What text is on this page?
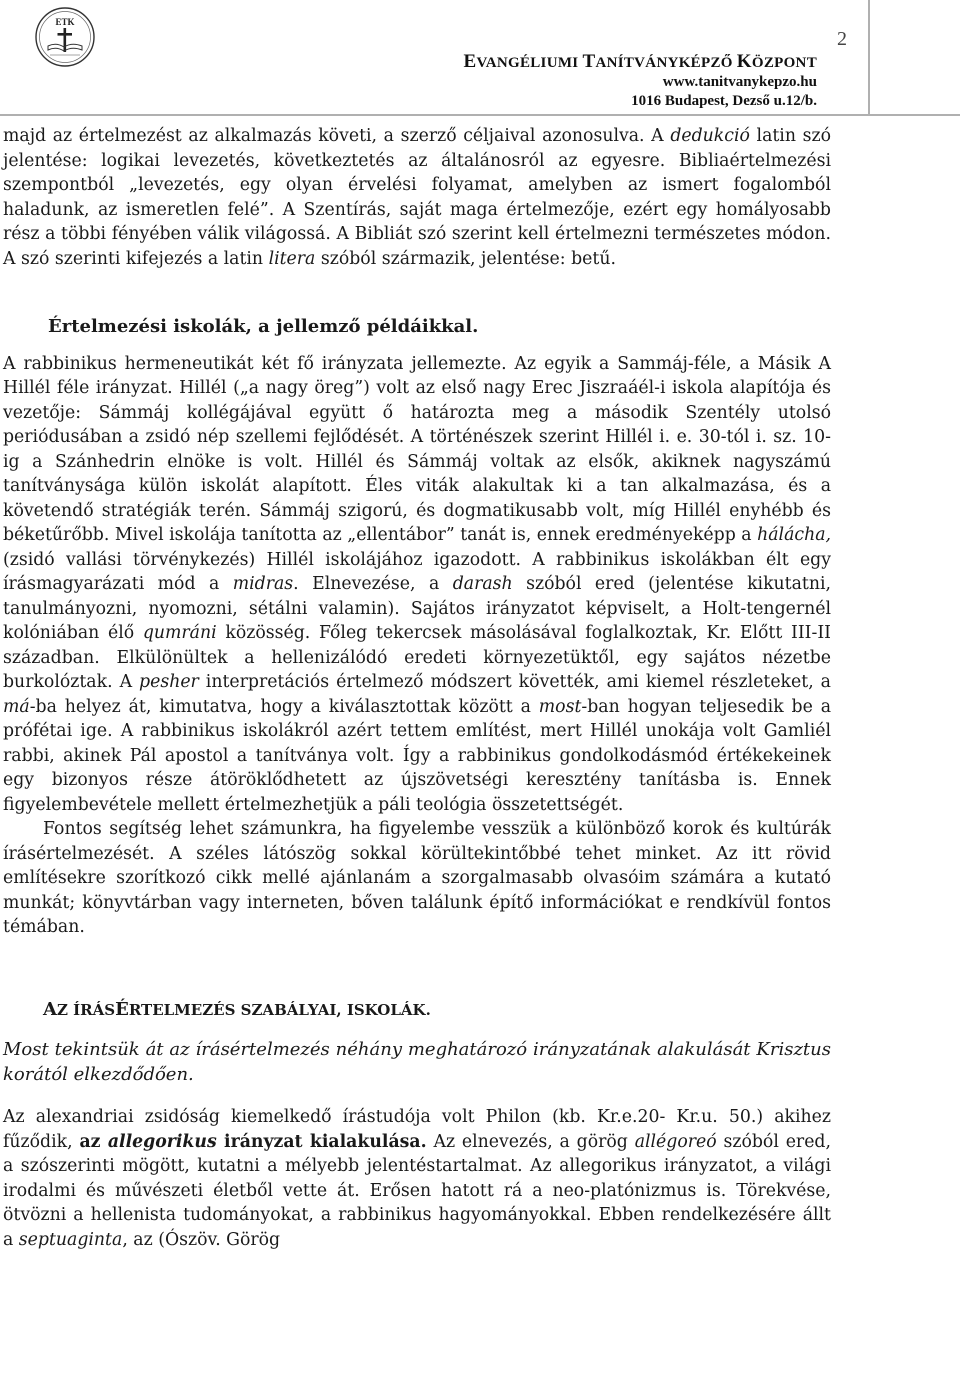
ETK
2
EVANGÉLIUMI TANÍTVÁNYKÉPZŐ KÖZPONT
www.tanitvanykepzo.hu
1016 Budapest, Dezső u.12/b.

majd az értelmezést az alkalmazás követi, a szerző céljaival azonosulva. A dedukció latin szó jelentése: logikai levezetés, következtetés az általánosról az egyesre. Bibliaértelmezési szempontból „levezetés, egy olyan érvelési folyamat, amelyben az ismert fogalomból haladunk, az ismeretlen felé”. A Szentírás, saját maga értelmezője, ezért egy homályosabb rész a többi fényében válik világossá. A Bibliát szó szerint kell értelmezni természetes módon. A szó szerinti kifejezés a latin litera szóból származik, jelentése: betű.

Értelmezési iskolák, a jellemző példáikkal.

A rabbinikus hermeneutikát két fő irányzata jellemezte. Az egyik a Sammáj-féle, a Másik A Hillél féle irányzat. Hillél („a nagy öreg”) volt az első nagy Erec Jiszraáél-i iskola alapítója és vezetője: Sámmáj kollégájával együtt ő határozta meg a második Szentély utolsó periódusában a zsidó nép szellemi fejlődését. A történészek szerint Hillél i. e. 30-tól i. sz. 10-ig a Szánhedrin elnöke is volt. Hillél és Sámmáj voltak az elsők, akiknek nagyszámú tanítványsága külön iskolát alapított. Éles viták alakultak ki a tan alkalmazása, és a követendő stratégiák terén. Sámmáj szigorú, és dogmatikusabb volt, míg Hillél enyhébb és béketűrőbb. Mivel iskolája tanította az „ellentábor” tanát is, ennek eredményeképp a hálácha, (zsidó vallási törvénykezés) Hillél iskolájához igazodott. A rabbinikus iskolákban élt egy írásmagyarázati mód a midras. Elnevezése, a darash szóból ered (jelentése kikutatni, tanulmányozni, nyomozni, sétálni valamin). Sajátos irányzatot képviselt, a Holt-tengernél kolóniában élő qumráni közösség. Főleg tekercsek másolásával foglalkoztak, Kr. Előtt III-II században. Elkülönültek a hellenizálódó eredeti környezetüktől, egy sajátos nézetbe burkolóztak. A pesher interpretációs értelmező módszert követték, ami kiemel részleteket, a má-ba helyez át, kimutatva, hogy a kiválasztottak között a most-ban hogyan teljesedik be a prófétai ige. A rabbinikus iskolákról azért tettem említést, mert Hillél unokája volt Gamliél rabbi, akinek Pál apostol a tanítványa volt. Így a rabbinikus gondolkodásmód értékekeinek egy bizonyos része átöröklődhetett az újszövetségi keresztény tanításba is. Ennek figyelembevétele mellett értelmezhetjük a páli teológia összetettségét.

Fontos segítség lehet számunkra, ha figyelembe vesszük a különböző korok és kultúrák írásértelmezését. A széles látószög sokkal körültekintőbbé tehet minket. Az itt rövid említésekre szorítkozó cikk mellé ajánlanám a szorgalmasabb olvasóim számára a kutató munkát; könyvtárban vagy interneten, bőven találunk építő információkat e rendkívül fontos témában.

AZ ÍRÁSÉRTELMEZÉS SZABÁLYAI, ISKOLÁK.

Most tekintsük át az írásértelmezés néhány meghatározó irányzatának alakulását Krisztus korától elkezdődően.

Az alexandriai zsidóság kiemelkedő írástudója volt Philon (kb. Kr.e.20- Kr.u. 50.) akihez fűződik, az allegorikus irányzat kialakulása. Az elnevezés, a görög allégoreó szóból ered, a szószerinti mögött, kutatni a mélyebb jelentéstartalmat. Az allegorikus irányzatot, a világi irodalmi és művészeti életből vette át. Erősen hatott rá a neo-platónizmus is. Törekvése, ötvözni a hellenista tudományokat, a rabbinikus hagyományokkal. Ebben rendelkezésére állt a septuaginta, az (Ószöv. Görög
